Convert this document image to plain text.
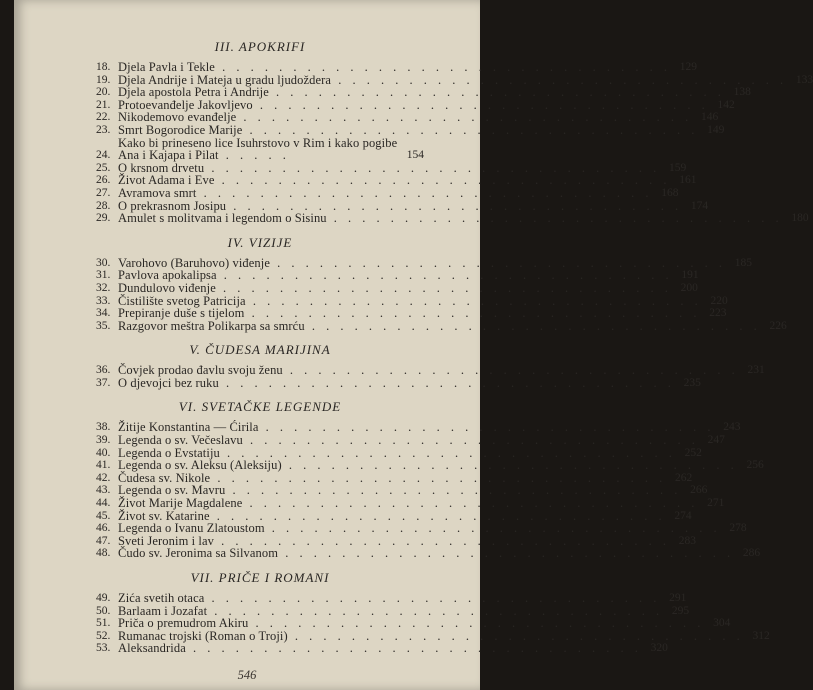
III. APOKRIFI
18. Djela Pavla i Tekle . . . . . . . . . . . . . . . . . . . . . . . . . . . . . . . . 129
19. Djela Andrije i Mateja u gradu ljudoždera . . . . . . . . . . . . . . . . . . . . . . . . . . . . . . . . 133
20. Djela apostola Petra i Andrije . . . . . . . . . . . . . . . . . . . . . . . . . . . . . . . . 138
21. Protoevanđelje Jakovljevo . . . . . . . . . . . . . . . . . . . . . . . . . . . . . . . . 142
22. Nikodemovo evanđelje . . . . . . . . . . . . . . . . . . . . . . . . . . . . . . . . 146
23. Smrt Bogorodice Marije . . . . . . . . . . . . . . . . . . . . . . . . . . . . . . . . 149
24.
Kako bi prineseno lice Isuhrstovo v Rim i kako pogibe Ana i Kajapa i Pilat . . . . .	154
25. O krsnom drvetu . . . . . . . . . . . . . . . . . . . . . . . . . . . . . . . . 159
26. Život Adama i Eve . . . . . . . . . . . . . . . . . . . . . . . . . . . . . . . . 161
27. Avramova smrt . . . . . . . . . . . . . . . . . . . . . . . . . . . . . . . . 168
28. O prekrasnom Josipu . . . . . . . . . . . . . . . . . . . . . . . . . . . . . . . . 174
29. Amulet s molitvama i legendom o Sisinu . . . . . . . . . . . . . . . . . . . . . . . . . . . . . . . . 180
IV. VIZIJE
30. Varohovo (Baruhovo) viđenje . . . . . . . . . . . . . . . . . . . . . . . . . . . . . . . . 185
31. Pavlova apokalipsa . . . . . . . . . . . . . . . . . . . . . . . . . . . . . . . . 191
32. Dundulovo viđenje . . . . . . . . . . . . . . . . . . . . . . . . . . . . . . . . 200
33. Čistilište svetog Patricija . . . . . . . . . . . . . . . . . . . . . . . . . . . . . . . . 220
34. Prepiranje duše s tijelom . . . . . . . . . . . . . . . . . . . . . . . . . . . . . . . . 223
35. Razgovor meštra Polikarpa sa smrću . . . . . . . . . . . . . . . . . . . . . . . . . . . . . . . . 226
V. ČUDESA MARIJINA
36. Čovjek prodao đavlu svoju ženu . . . . . . . . . . . . . . . . . . . . . . . . . . . . . . . . 231
37. O djevojci bez ruku . . . . . . . . . . . . . . . . . . . . . . . . . . . . . . . . 235
VI. SVETAČKE LEGENDE
38. Žitije Konstantina — Ćirila . . . . . . . . . . . . . . . . . . . . . . . . . . . . . . . . 243
39. Legenda o sv. Večeslavu . . . . . . . . . . . . . . . . . . . . . . . . . . . . . . . . 247
40. Legenda o Evstatiju . . . . . . . . . . . . . . . . . . . . . . . . . . . . . . . . 252
41. Legenda o sv. Aleksu (Aleksiju) . . . . . . . . . . . . . . . . . . . . . . . . . . . . . . . . 256
42. Čudesa sv. Nikole . . . . . . . . . . . . . . . . . . . . . . . . . . . . . . . . 262
43. Legenda o sv. Mavru . . . . . . . . . . . . . . . . . . . . . . . . . . . . . . . . 266
44. Život Marije Magdalene . . . . . . . . . . . . . . . . . . . . . . . . . . . . . . . . 271
45. Život sv. Katarine . . . . . . . . . . . . . . . . . . . . . . . . . . . . . . . . 274
46. Legenda o Ivanu Zlatoustom . . . . . . . . . . . . . . . . . . . . . . . . . . . . . . . . 278
47. Sveti Jeronim i lav . . . . . . . . . . . . . . . . . . . . . . . . . . . . . . . . 283
48. Čudo sv. Jeronima sa Silvanom . . . . . . . . . . . . . . . . . . . . . . . . . . . . . . . . 286
VII. PRIČE I ROMANI
49. Zića svetih otaca . . . . . . . . . . . . . . . . . . . . . . . . . . . . . . . . 291
50. Barlaam i Jozafat . . . . . . . . . . . . . . . . . . . . . . . . . . . . . . . . 295
51. Priča o premudrom Akiru . . . . . . . . . . . . . . . . . . . . . . . . . . . . . . . . 304
52. Rumanac trojski (Roman o Troji) . . . . . . . . . . . . . . . . . . . . . . . . . . . . . . . . 312
53. Aleksandrida . . . . . . . . . . . . . . . . . . . . . . . . . . . . . . . . 320
546
